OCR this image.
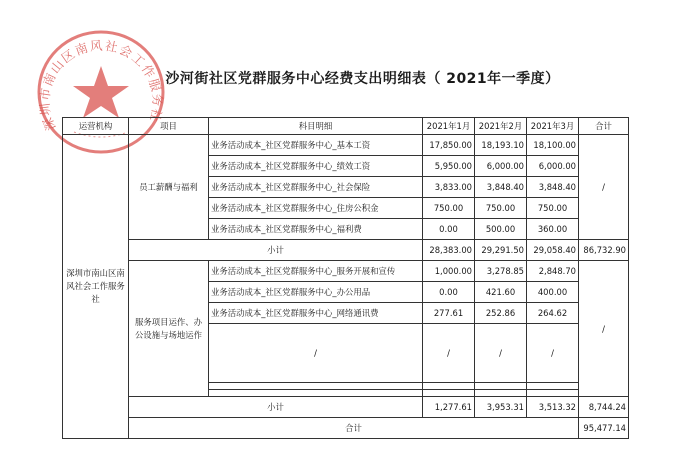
深圳市南山区南风社会工作服务社
沙河街社区党群服务中心经费支出明细表（ 2021年一季度）
运营机构	项目	科目明细	2021年1月	2021年2月	2021年3月	合计
深圳市南山区南风社会工作服务社	员工薪酬与福利	业务活动成本_社区党群服务中心_基本工资	17,850.00	18,193.10	18,100.00	/
		业务活动成本_社区党群服务中心_绩效工资	5,950.00	6,000.00	6,000.00	
		业务活动成本_社区党群服务中心_社会保险	3,833.00	3,848.40	3,848.40	
		业务活动成本_社区党群服务中心_住房公积金	750.00	750.00	750.00	
		业务活动成本_社区党群服务中心_福利费	0.00	500.00	360.00	
	小计		28,383.00	29,291.50	29,058.40	86,732.90
	服务项目运作、办公设施与场地运作	业务活动成本_社区党群服务中心_服务开展和宣传	1,000.00	3,278.85	2,848.70	/
		业务活动成本_社区党群服务中心_办公用品	0.00	421.60	400.00	
		业务活动成本_社区党群服务中心_网络通讯费	277.61	252.86	264.62	
		/	/	/	/	

	小计		1,277.61	3,953.31	3,513.32	8,744.24
	合计					95,477.14
